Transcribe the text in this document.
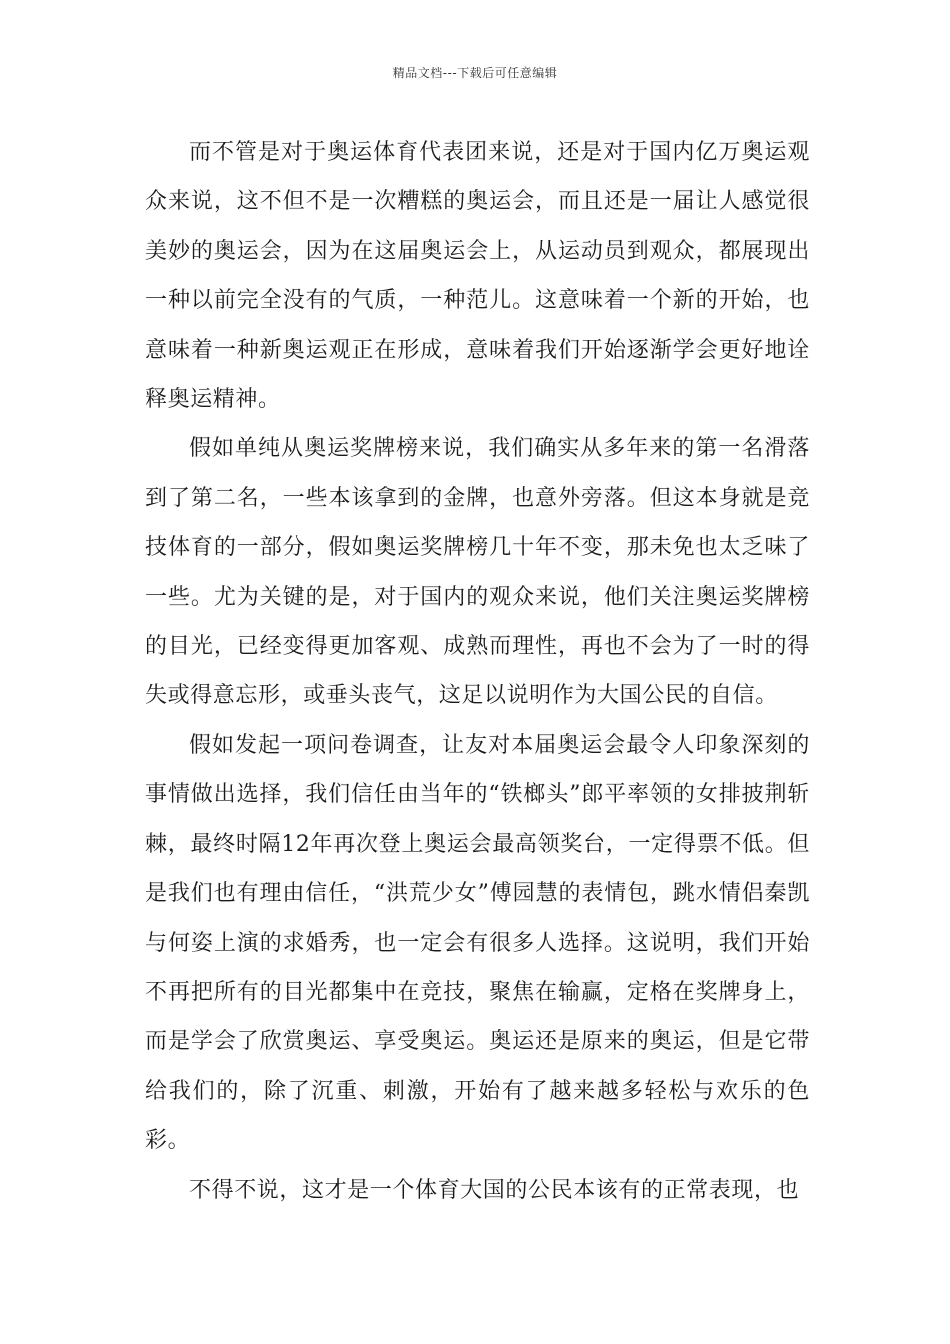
精品文档---下载后可任意编辑

而不管是对于奥运体育代表团来说，还是对于国内亿万奥运观众来说，这不但不是一次糟糕的奥运会，而且还是一届让人感觉很美妙的奥运会，因为在这届奥运会上，从运动员到观众，都展现出一种以前完全没有的气质，一种范儿。这意味着一个新的开始，也意味着一种新奥运观正在形成，意味着我们开始逐渐学会更好地诠释奥运精神。

假如单纯从奥运奖牌榜来说，我们确实从多年来的第一名滑落到了第二名，一些本该拿到的金牌，也意外旁落。但这本身就是竞技体育的一部分，假如奥运奖牌榜几十年不变，那未免也太乏味了一些。尤为关键的是，对于国内的观众来说，他们关注奥运奖牌榜的目光，已经变得更加客观、成熟而理性，再也不会为了一时的得失或得意忘形，或垂头丧气，这足以说明作为大国公民的自信。

假如发起一项问卷调查，让友对本届奥运会最令人印象深刻的事情做出选择，我们信任由当年的“铁榔头”郎平率领的女排披荆斩棘，最终时隔12年再次登上奥运会最高领奖台，一定得票不低。但是我们也有理由信任，“洪荒少女”傅园慧的表情包，跳水情侣秦凯与何姿上演的求婚秀，也一定会有很多人选择。这说明，我们开始不再把所有的目光都集中在竞技，聚焦在输赢，定格在奖牌身上，而是学会了欣赏奥运、享受奥运。奥运还是原来的奥运，但是它带给我们的，除了沉重、刺激，开始有了越来越多轻松与欢乐的色彩。

不得不说，这才是一个体育大国的公民本该有的正常表现，也
